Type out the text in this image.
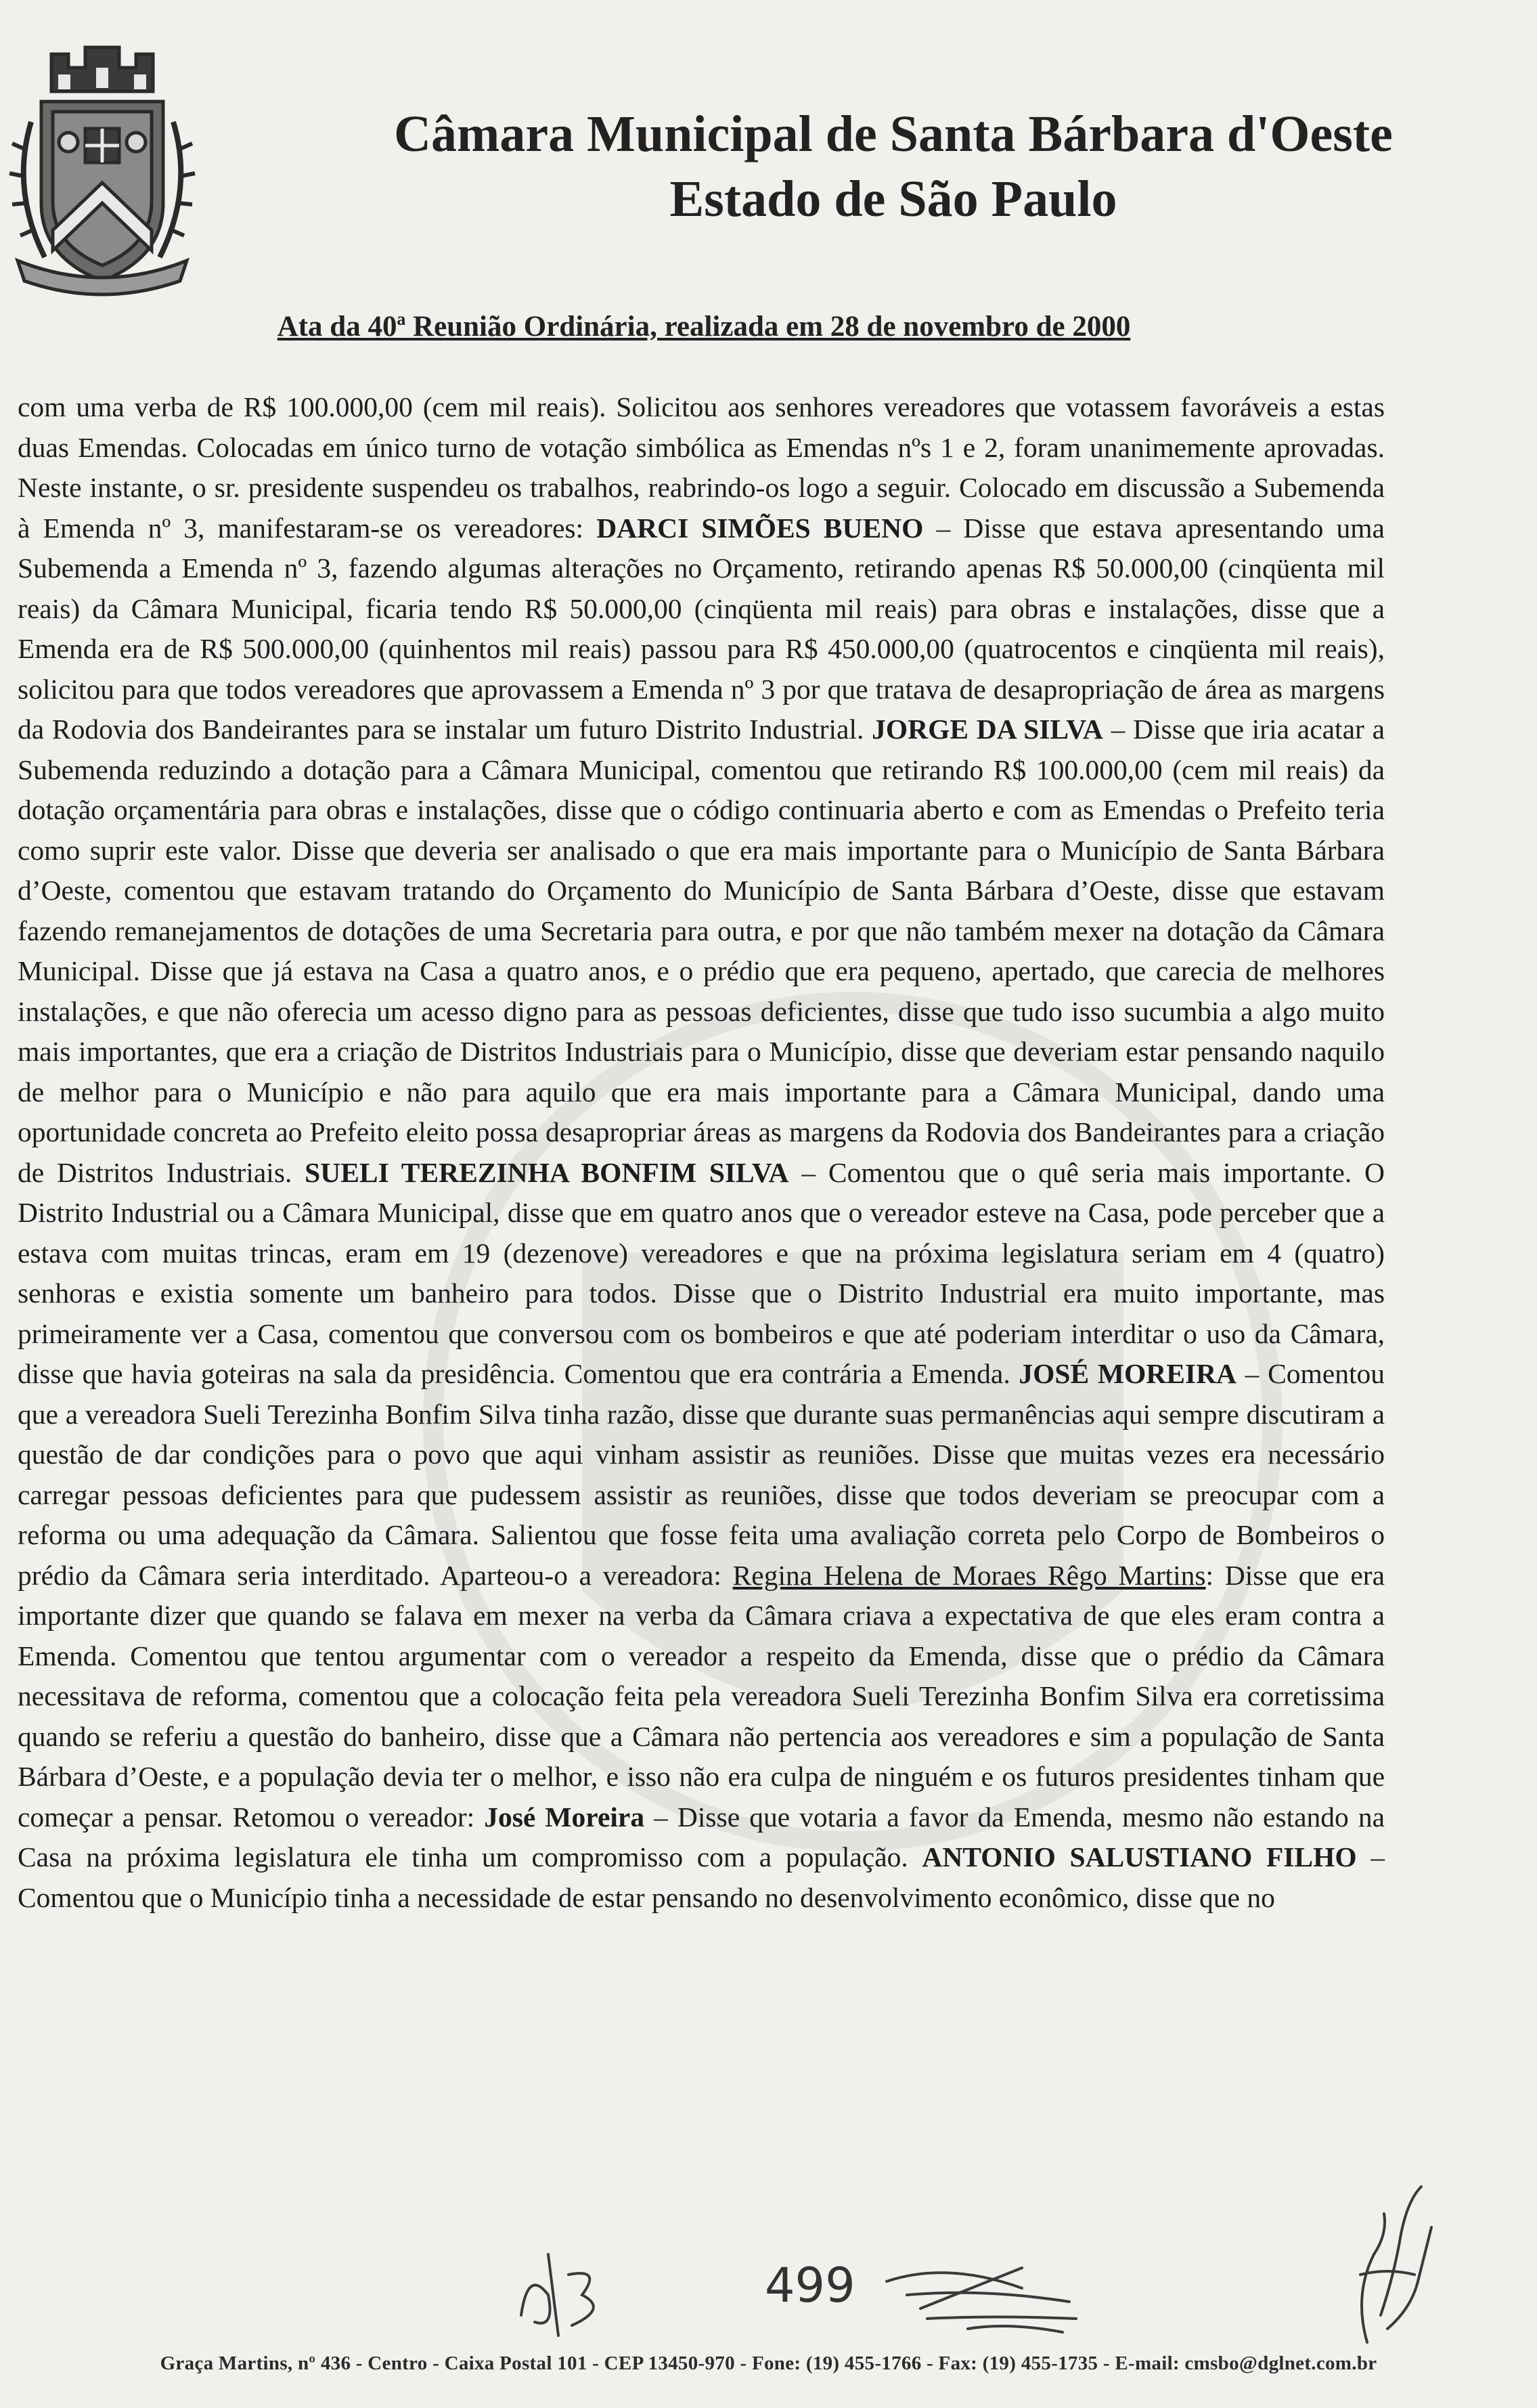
Câmara Municipal de Santa Bárbara d'Oeste
Estado de São Paulo
Ata da 40ª Reunião Ordinária, realizada em 28 de novembro de 2000
com uma verba de R$ 100.000,00 (cem mil reais). Solicitou aos senhores vereadores que votassem favoráveis a estas duas Emendas. Colocadas em único turno de votação simbólica as Emendas nºs 1 e 2, foram unanimemente aprovadas. Neste instante, o sr. presidente suspendeu os trabalhos, reabrindo-os logo a seguir. Colocado em discussão a Subemenda à Emenda nº 3, manifestaram-se os vereadores: DARCI SIMÕES BUENO – Disse que estava apresentando uma Subemenda a Emenda nº 3, fazendo algumas alterações no Orçamento, retirando apenas R$ 50.000,00 (cinqüenta mil reais) da Câmara Municipal, ficaria tendo R$ 50.000,00 (cinqüenta mil reais) para obras e instalações, disse que a Emenda era de R$ 500.000,00 (quinhentos mil reais) passou para R$ 450.000,00 (quatrocentos e cinqüenta mil reais), solicitou para que todos vereadores que aprovassem a Emenda nº 3 por que tratava de desapropriação de área as margens da Rodovia dos Bandeirantes para se instalar um futuro Distrito Industrial. JORGE DA SILVA – Disse que iria acatar a Subemenda reduzindo a dotação para a Câmara Municipal, comentou que retirando R$ 100.000,00 (cem mil reais) da dotação orçamentária para obras e instalações, disse que o código continuaria aberto e com as Emendas o Prefeito teria como suprir este valor. Disse que deveria ser analisado o que era mais importante para o Município de Santa Bárbara d’Oeste, comentou que estavam tratando do Orçamento do Município de Santa Bárbara d’Oeste, disse que estavam fazendo remanejamentos de dotações de uma Secretaria para outra, e por que não também mexer na dotação da Câmara Municipal. Disse que já estava na Casa a quatro anos, e o prédio que era pequeno, apertado, que carecia de melhores instalações, e que não oferecia um acesso digno para as pessoas deficientes, disse que tudo isso sucumbia a algo muito mais importantes, que era a criação de Distritos Industriais para o Município, disse que deveriam estar pensando naquilo de melhor para o Município e não para aquilo que era mais importante para a Câmara Municipal, dando uma oportunidade concreta ao Prefeito eleito possa desapropriar áreas as margens da Rodovia dos Bandeirantes para a criação de Distritos Industriais. SUELI TEREZINHA BONFIM SILVA – Comentou que o quê seria mais importante. O Distrito Industrial ou a Câmara Municipal, disse que em quatro anos que o vereador esteve na Casa, pode perceber que a estava com muitas trincas, eram em 19 (dezenove) vereadores e que na próxima legislatura seriam em 4 (quatro) senhoras e existia somente um banheiro para todos. Disse que o Distrito Industrial era muito importante, mas primeiramente ver a Casa, comentou que conversou com os bombeiros e que até poderiam interditar o uso da Câmara, disse que havia goteiras na sala da presidência. Comentou que era contrária a Emenda. JOSÉ MOREIRA – Comentou que a vereadora Sueli Terezinha Bonfim Silva tinha razão, disse que durante suas permanências aqui sempre discutiram a questão de dar condições para o povo que aqui vinham assistir as reuniões. Disse que muitas vezes era necessário carregar pessoas deficientes para que pudessem assistir as reuniões, disse que todos deveriam se preocupar com a reforma ou uma adequação da Câmara. Salientou que fosse feita uma avaliação correta pelo Corpo de Bombeiros o prédio da Câmara seria interditado. Aparteou-o a vereadora: Regina Helena de Moraes Rêgo Martins: Disse que era importante dizer que quando se falava em mexer na verba da Câmara criava a expectativa de que eles eram contra a Emenda. Comentou que tentou argumentar com o vereador a respeito da Emenda, disse que o prédio da Câmara necessitava de reforma, comentou que a colocação feita pela vereadora Sueli Terezinha Bonfim Silva era corretissima quando se referiu a questão do banheiro, disse que a Câmara não pertencia aos vereadores e sim a população de Santa Bárbara d’Oeste, e a população devia ter o melhor, e isso não era culpa de ninguém e os futuros presidentes tinham que começar a pensar. Retomou o vereador: José Moreira – Disse que votaria a favor da Emenda, mesmo não estando na Casa na próxima legislatura ele tinha um compromisso com a população. ANTONIO SALUSTIANO FILHO – Comentou que o Município tinha a necessidade de estar pensando no desenvolvimento econômico, disse que no
499
Graça Martins, nº 436 - Centro - Caixa Postal 101 - CEP 13450-970 - Fone: (19) 455-1766 - Fax: (19) 455-1735 - E-mail: cmsbo@dglnet.com.br
